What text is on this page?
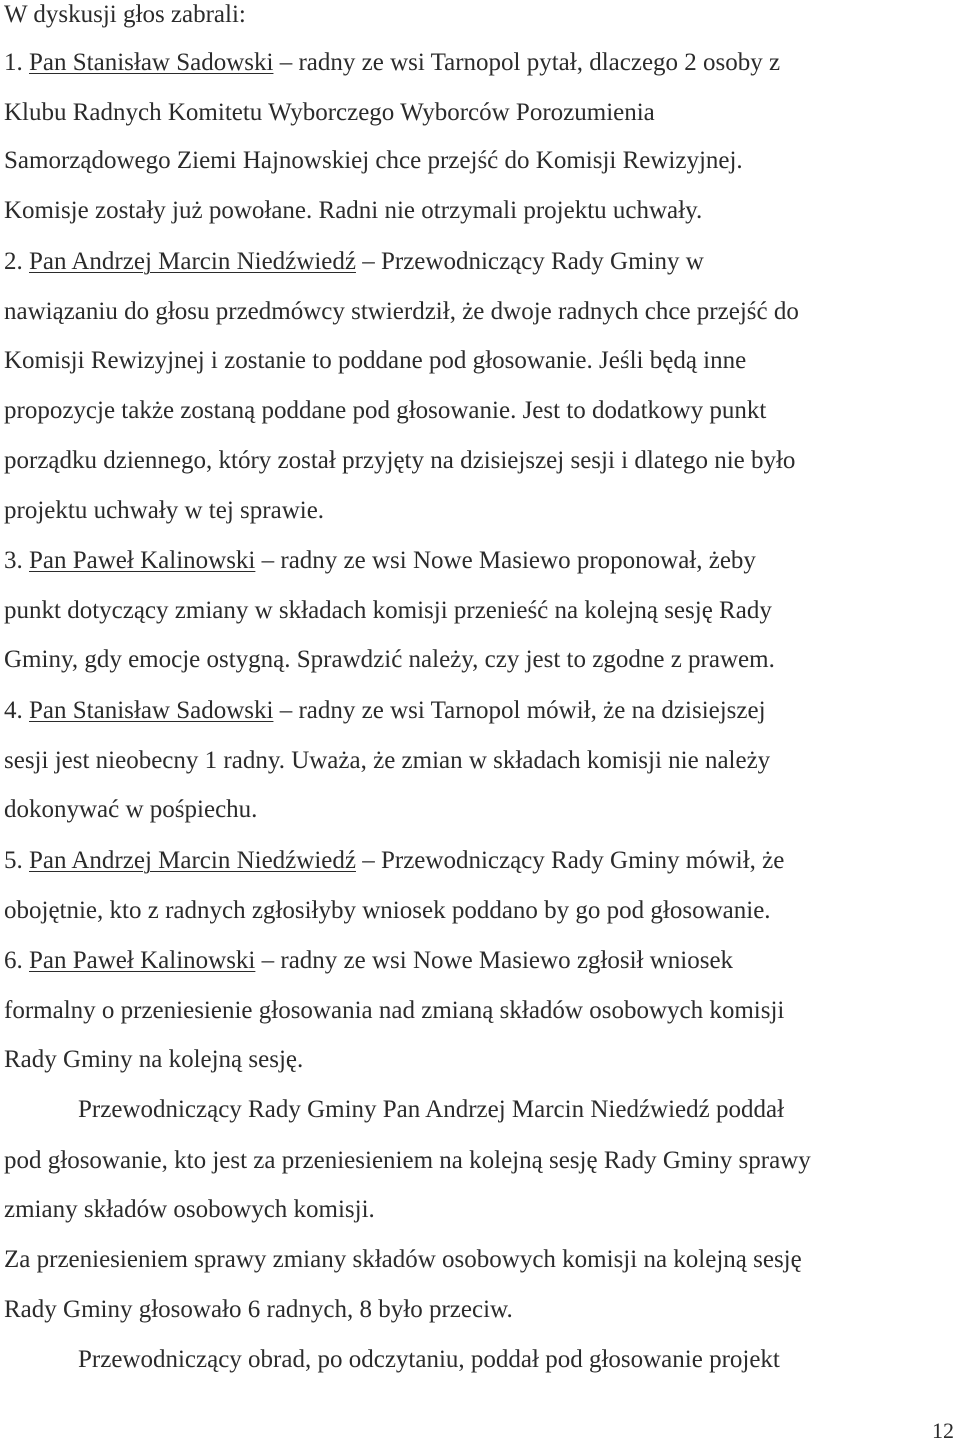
W dyskusji głos zabrali:
1. Pan Stanisław Sadowski – radny ze wsi Tarnopol pytał, dlaczego 2 osoby z
Klubu Radnych Komitetu Wyborczego Wyborców Porozumienia
Samorządowego Ziemi Hajnowskiej chce przejść do Komisji Rewizyjnej.
Komisje zostały już powołane. Radni nie otrzymali projektu uchwały.
2. Pan Andrzej Marcin Niedźwiedź – Przewodniczący Rady Gminy w
nawiązaniu do głosu przedmówcy stwierdził, że dwoje radnych chce przejść do
Komisji Rewizyjnej i zostanie to poddane pod głosowanie. Jeśli będą inne
propozycje także zostaną poddane pod głosowanie. Jest to dodatkowy punkt
porządku dziennego, który został przyjęty na dzisiejszej sesji i dlatego nie było
projektu uchwały w tej sprawie.
3. Pan Paweł Kalinowski – radny ze wsi Nowe Masiewo proponował, żeby
punkt dotyczący zmiany w składach komisji przenieść na kolejną sesję Rady
Gminy, gdy emocje ostygną. Sprawdzić należy, czy jest to zgodne z prawem.
4. Pan Stanisław Sadowski – radny ze wsi Tarnopol mówił, że na dzisiejszej
sesji jest nieobecny 1 radny. Uważa, że zmian w składach komisji nie należy
dokonywać w pośpiechu.
5. Pan Andrzej Marcin Niedźwiedź – Przewodniczący Rady Gminy mówił, że
obojętnie, kto z radnych zgłosiłyby wniosek poddano by go pod głosowanie.
6. Pan Paweł Kalinowski – radny ze wsi Nowe Masiewo zgłosił wniosek
formalny o przeniesienie głosowania nad zmianą składów osobowych komisji
Rady Gminy na kolejną sesję.
Przewodniczący Rady Gminy Pan Andrzej Marcin Niedźwiedź poddał
pod głosowanie, kto jest za przeniesieniem na kolejną sesję Rady Gminy sprawy
zmiany składów osobowych komisji.
Za przeniesieniem sprawy zmiany składów osobowych komisji na kolejną sesję
Rady Gminy głosowało 6 radnych, 8 było przeciw.
Przewodniczący obrad, po odczytaniu, poddał pod głosowanie projekt
12
